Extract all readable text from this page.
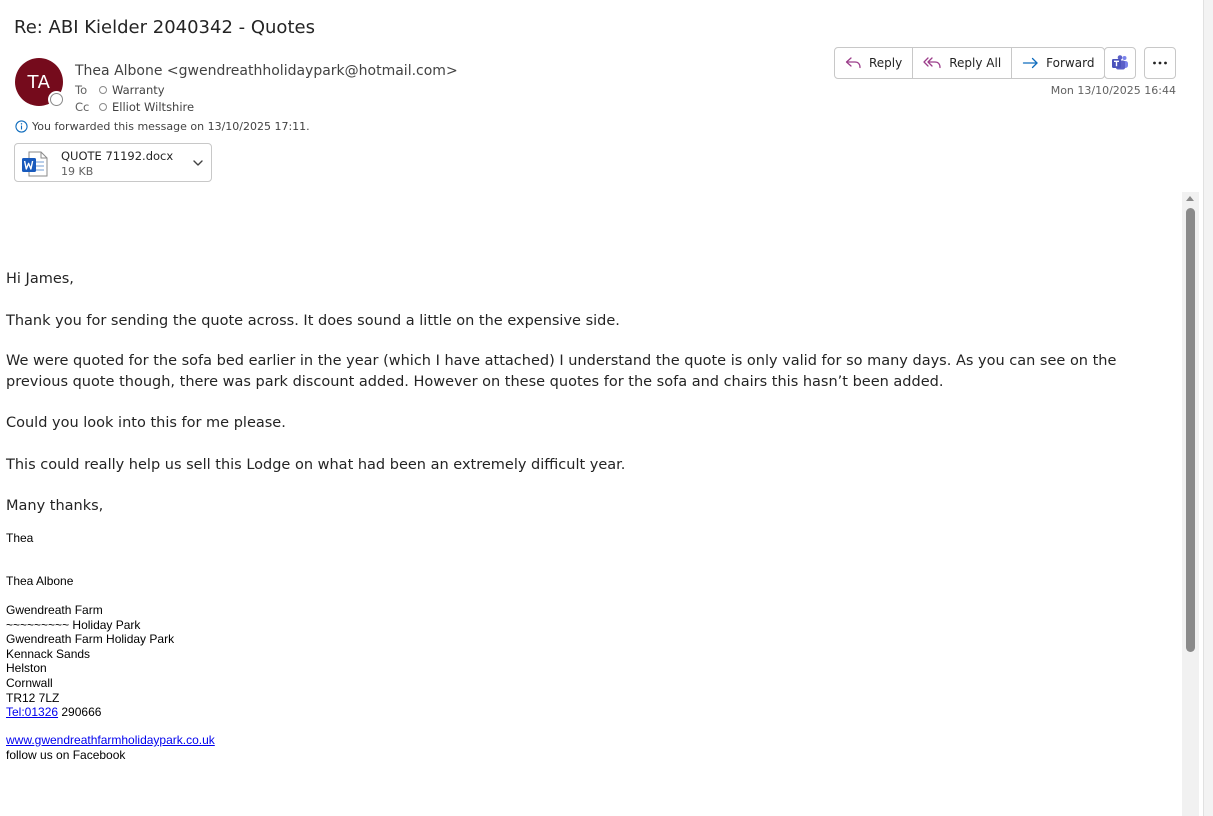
Re: ABI Kielder 2040342 - Quotes
TA
Thea Albone <gwendreathholidaypark@hotmail.com>
To	Warranty
Cc	Elliot Wiltshire
You forwarded this message on 13/10/2025 17:11.
QUOTE 71192.docx
19 KB
Reply	Reply All	Forward
Mon 13/10/2025 16:44
Hi James,
Thank you for sending the quote across. It does sound a little on the expensive side.
We were quoted for the sofa bed earlier in the year (which I have attached) I understand the quote is only valid for so many days. As you can see on the previous quote though, there was park discount added. However on these quotes for the sofa and chairs this hasn’t been added.
Could you look into this for me please.
This could really help us sell this Lodge on what had been an extremely difficult year.
Many thanks,
Thea
Thea Albone
Gwendreath Farm
~~~~~~~~~ Holiday Park
Gwendreath Farm Holiday Park
Kennack Sands
Helston
Cornwall
TR12 7LZ
Tel:01326 290666
www.gwendreathfarmholidaypark.co.uk
follow us on Facebook
